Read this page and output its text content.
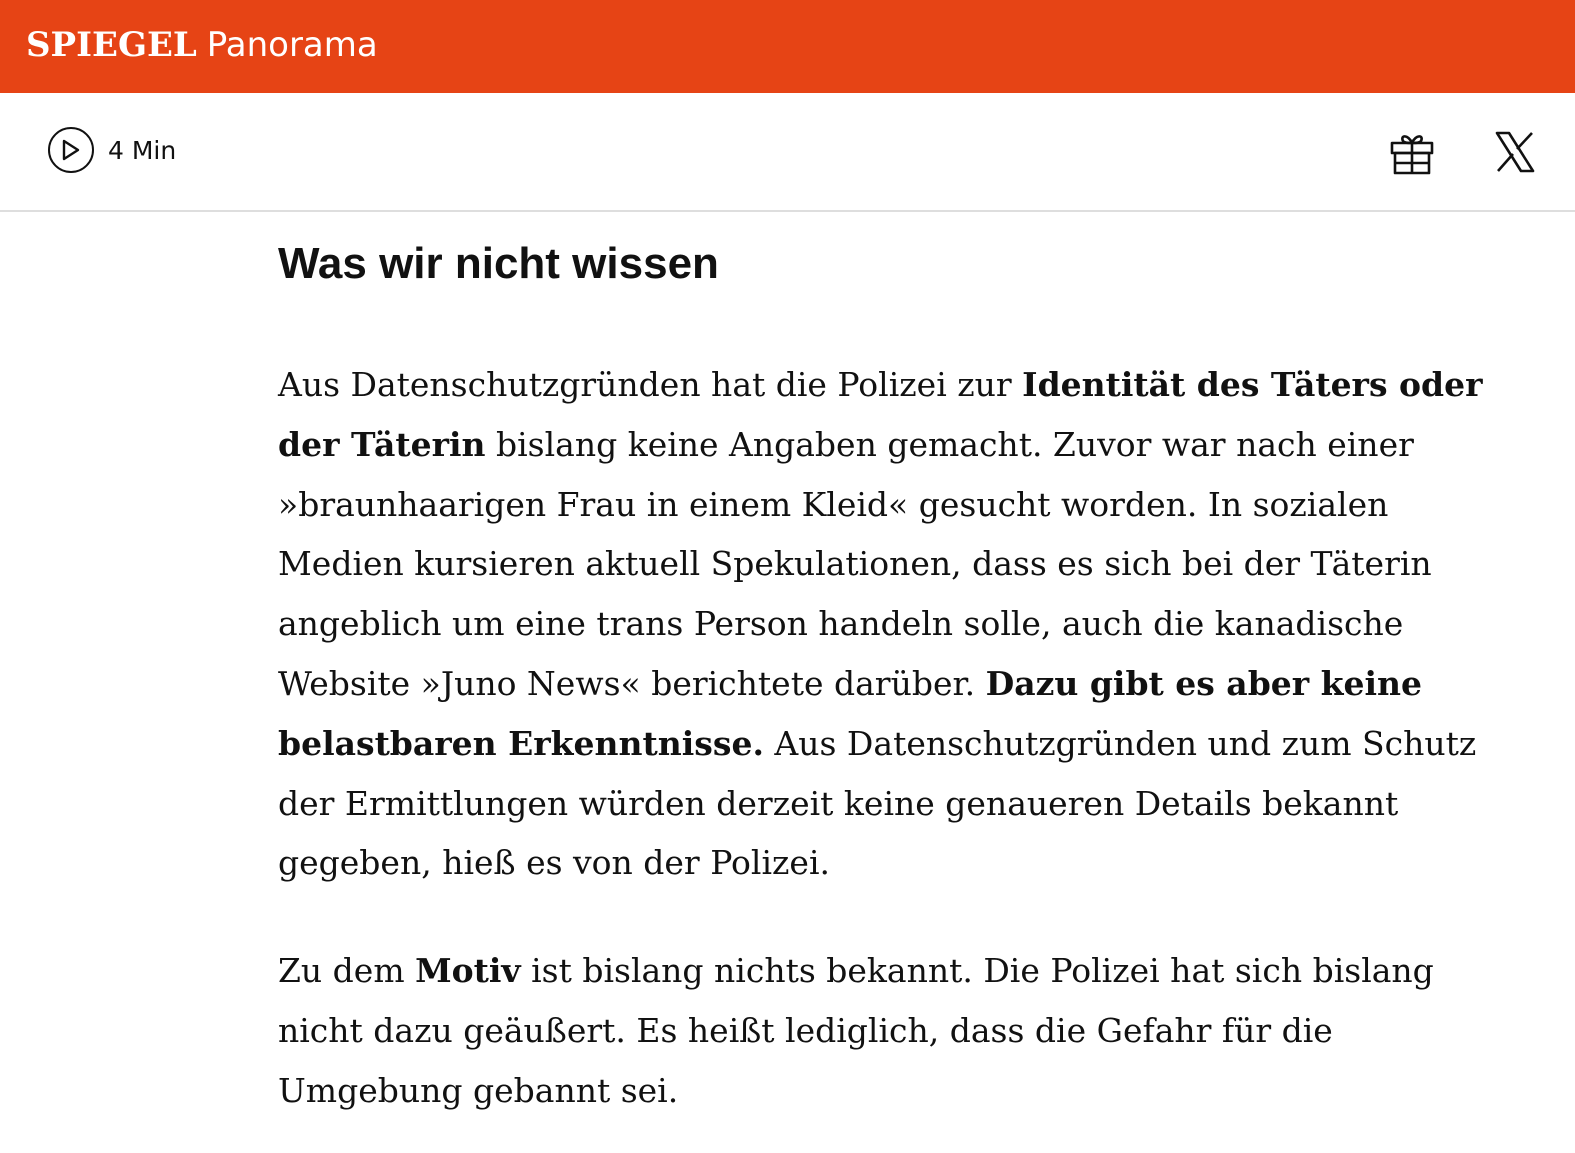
SPIEGEL Panorama
4 Min
Was wir nicht wissen

Aus Datenschutzgründen hat die Polizei zur Identität des Täters oder der Täterin bislang keine Angaben gemacht. Zuvor war nach einer »braunhaarigen Frau in einem Kleid« gesucht worden. In sozialen Medien kursieren aktuell Spekulationen, dass es sich bei der Täterin angeblich um eine trans Person handeln solle, auch die kanadische Website »Juno News« berichtete darüber. Dazu gibt es aber keine belastbaren Erkenntnisse. Aus Datenschutzgründen und zum Schutz der Ermittlungen würden derzeit keine genaueren Details bekannt gegeben, hieß es von der Polizei.

Zu dem Motiv ist bislang nichts bekannt. Die Polizei hat sich bislang nicht dazu geäußert. Es heißt lediglich, dass die Gefahr für die Umgebung gebannt sei.
